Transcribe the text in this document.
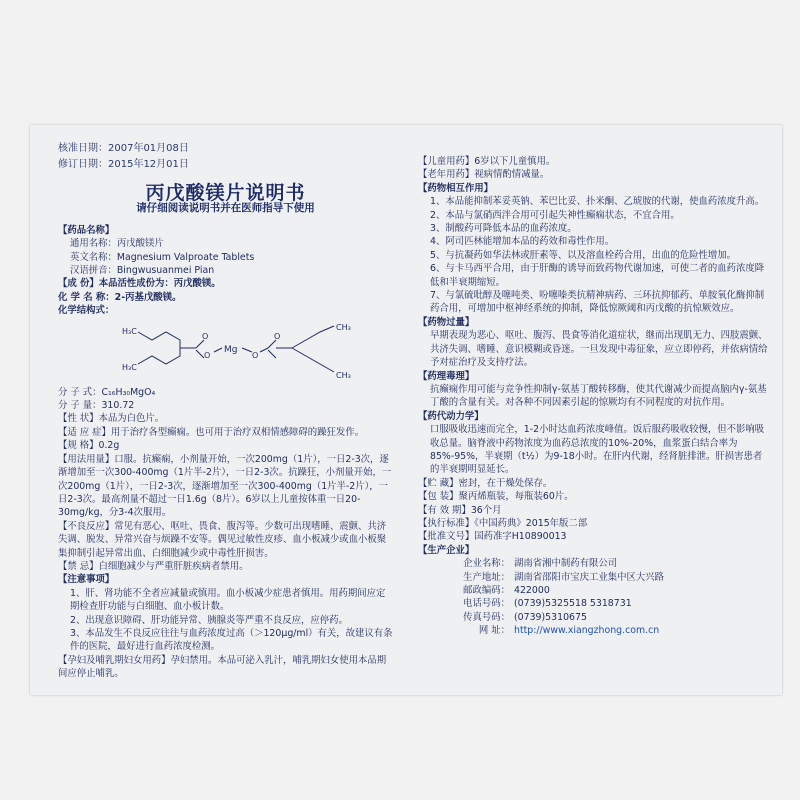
核准日期：2007年01月08日
修订日期：2015年12月01日
丙戊酸镁片说明书
请仔细阅读说明书并在医师指导下使用

【药品名称】

通用名称：丙戊酸镁片

英文名称：Magnesium Valproate Tablets

汉语拼音：Bingwusuanmei Pian

【成 份】本品活性成份为：丙戊酸镁。

化 学 名 称：2-丙基戊酸镁。

化学结构式：

H₃C
H₃C
O
O
Mg
O
O
CH₃
CH₃

分 子 式：C₁₆H₃₀MgO₄

分 子 量：310.72

【性 状】本品为白色片。

【适 应 症】用于治疗各型癫痫。也可用于治疗双相情感障碍的躁狂发作。

【规 格】0.2g

【用法用量】口服。抗癫痫，小剂量开始，一次200mg（1片），一日2-3次，逐渐增加至一次300-400mg（1片半-2片），一日2-3次。抗躁狂，小剂量开始，一次200mg（1片），一日2-3次，逐渐增加至一次300-400mg（1片半-2片），一日2-3次。最高剂量不超过一日1.6g（8片）。6岁以上儿童按体重一日20-30mg/kg，分3-4次服用。

【不良反应】常见有恶心、呕吐、畏食、腹泻等。少数可出现嗜睡、震颤、共济失调、脱发、异常兴奋与烦躁不安等。偶见过敏性皮疹、血小板减少或血小板聚集抑制引起异常出血、白细胞减少或中毒性肝损害。

【禁 忌】白细胞减少与严重肝脏疾病者禁用。

【注意事项】

1、肝、肾功能不全者应减量或慎用。血小板减少症患者慎用。用药期间应定期检查肝功能与白细胞、血小板计数。

2、出现意识障碍、肝功能异常、胰腺炎等严重不良反应，应停药。

3、本品发生不良反应往往与血药浓度过高（＞120μg/ml）有关，故建议有条件的医院，最好进行血药浓度检测。

【孕妇及哺乳期妇女用药】孕妇禁用。本品可泌入乳汁，哺乳期妇女使用本品期间应停止哺乳。

【儿童用药】6岁以下儿童慎用。

【老年用药】视病情酌情减量。

【药物相互作用】

1、本品能抑制苯妥英钠、苯巴比妥、扑米酮、乙琥胺的代谢，使血药浓度升高。

2、本品与氯硝西泮合用可引起失神性癫痫状态，不宜合用。

3、制酸药可降低本品的血药浓度。

4、阿司匹林能增加本品的药效和毒性作用。

5、与抗凝药如华法林或肝素等、以及溶血栓药合用，出血的危险性增加。

6、与卡马西平合用，由于肝酶的诱导而致药物代谢加速，可使二者的血药浓度降低和半衰期缩短。

7、与氯硫吡醇及噻吨类、吩噻嗪类抗精神病药、三环抗抑郁药、单胺氧化酶抑制药合用，可增加中枢神经系统的抑制，降低惊厥阈和丙戊酸的抗惊厥效应。

【药物过量】

早期表现为恶心、呕吐、腹泻、畏食等消化道症状，继而出现肌无力、四肢震颤、共济失调、嗜睡、意识模糊或昏迷。一旦发现中毒征象，应立即停药，并依病情给予对症治疗及支持疗法。

【药理毒理】

抗癫痫作用可能与竞争性抑制γ-氨基丁酸转移酶，使其代谢减少而提高脑内γ-氨基丁酸的含量有关。对各种不同因素引起的惊厥均有不同程度的对抗作用。

【药代动力学】

口服吸收迅速而完全，1-2小时达血药浓度峰值。饭后服药吸收较慢，但不影响吸收总量。脑脊液中药物浓度为血药总浓度的10%-20%，血浆蛋白结合率为85%-95%，半衰期（t½）为9-18小时。在肝内代谢，经肾脏排泄。肝损害患者的半衰期明显延长。

【贮 藏】密封，在干燥处保存。

【包 装】聚丙烯瓶装，每瓶装60片。

【有 效 期】36个月

【执行标准】《中国药典》2015年版二部

【批准文号】国药准字H10890013

【生产企业】

企业名称： 湖南省湘中制药有限公司
生产地址： 湖南省邵阳市宝庆工业集中区大兴路
邮政编码： 422000
电话号码： (0739)5325518 5318731
传真号码： (0739)5310675
网 址： http://www.xiangzhong.com.cn
